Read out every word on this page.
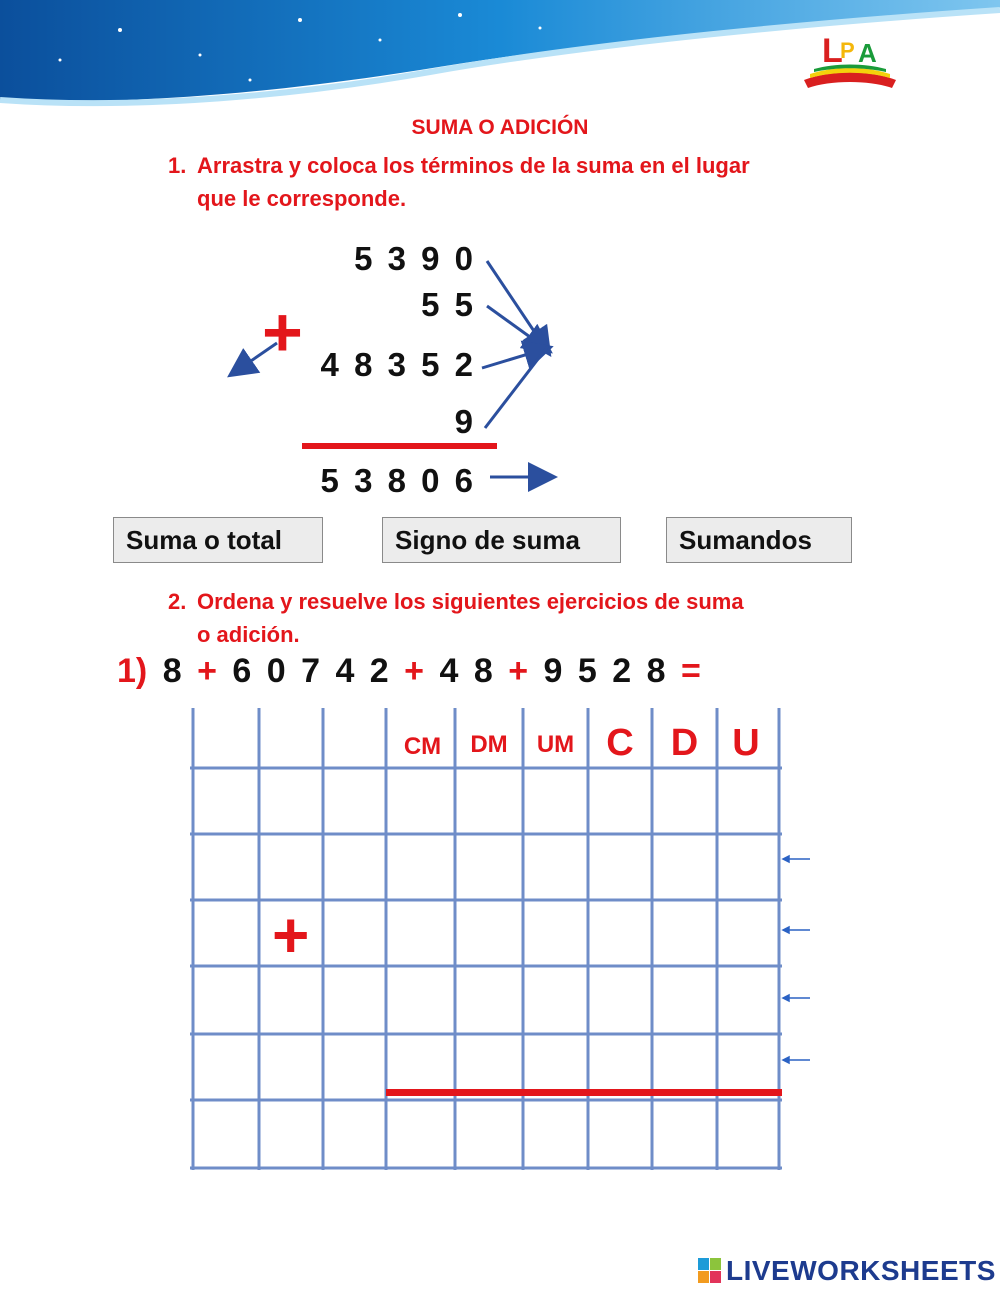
L
P A
SUMA O ADICIÓN
1. Arrastra y coloca los términos de la suma en el lugar
que le corresponde.
5 3 9 0
5 5
4 8 3 5 2
9
5 3 8 0 6
+
Suma o total	Signo de suma	Sumandos
2. Ordena y resuelve los siguientes ejercicios de suma
o adición.
1) 8 + 6 0 7 4 2 + 4 8 + 9 5 2 8 =
CM	DM	UM C D U
+
LIVEWORKSHEETS
